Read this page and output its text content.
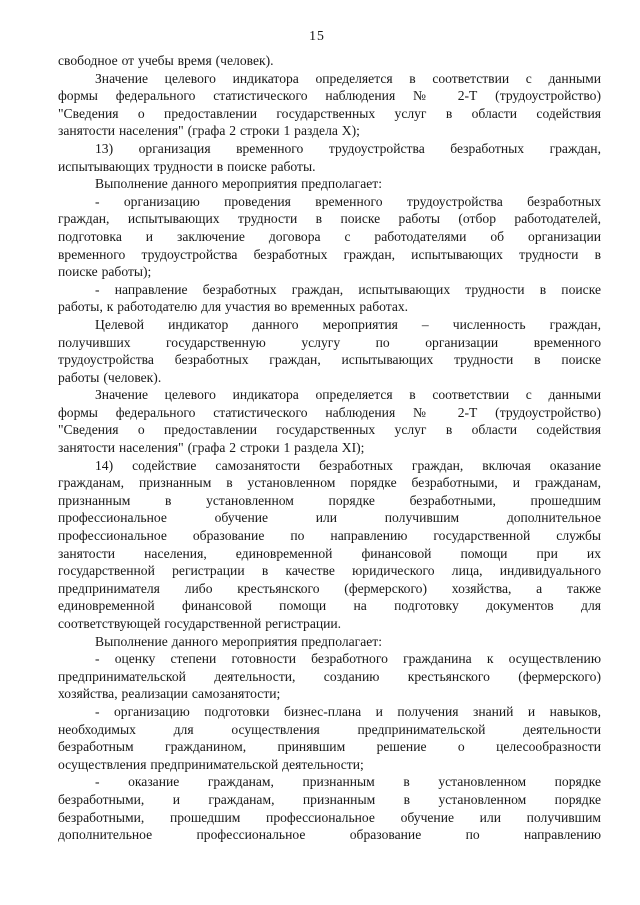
15
свободное от учебы время (человек).
Значение целевого индикатора определяется в соответствии с данными
формы федерального статистического наблюдения № 2-Т (трудоустройство)
"Сведения о предоставлении государственных услуг в области содействия
занятости населения" (графа 2 строки 1 раздела X);
13) организация временного трудоустройства безработных граждан,
испытывающих трудности в поиске работы.
Выполнение данного мероприятия предполагает:
- организацию проведения временного трудоустройства безработных
граждан, испытывающих трудности в поиске работы (отбор работодателей,
подготовка и заключение договора с работодателями об организации
временного трудоустройства безработных граждан, испытывающих трудности в
поиске работы);
- направление безработных граждан, испытывающих трудности в поиске
работы, к работодателю для участия во временных работах.
Целевой индикатор данного мероприятия – численность граждан,
получивших государственную услугу по организации временного
трудоустройства безработных граждан, испытывающих трудности в поиске
работы (человек).
Значение целевого индикатора определяется в соответствии с данными
формы федерального статистического наблюдения № 2-Т (трудоустройство)
"Сведения о предоставлении государственных услуг в области содействия
занятости населения" (графа 2 строки 1 раздела XI);
14) содействие самозанятости безработных граждан, включая оказание
гражданам, признанным в установленном порядке безработными, и гражданам,
признанным в установленном порядке безработными, прошедшим
профессиональное обучение или получившим дополнительное
профессиональное образование по направлению государственной службы
занятости населения, единовременной финансовой помощи при их
государственной регистрации в качестве юридического лица, индивидуального
предпринимателя либо крестьянского (фермерского) хозяйства, а также
единовременной финансовой помощи на подготовку документов для
соответствующей государственной регистрации.
Выполнение данного мероприятия предполагает:
- оценку степени готовности безработного гражданина к осуществлению
предпринимательской деятельности, созданию крестьянского (фермерского)
хозяйства, реализации самозанятости;
- организацию подготовки бизнес-плана и получения знаний и навыков,
необходимых для осуществления предпринимательской деятельности
безработным гражданином, принявшим решение о целесообразности
осуществления предпринимательской деятельности;
- оказание гражданам, признанным в установленном порядке
безработными, и гражданам, признанным в установленном порядке
безработными, прошедшим профессиональное обучение или получившим
дополнительное профессиональное образование по направлению
